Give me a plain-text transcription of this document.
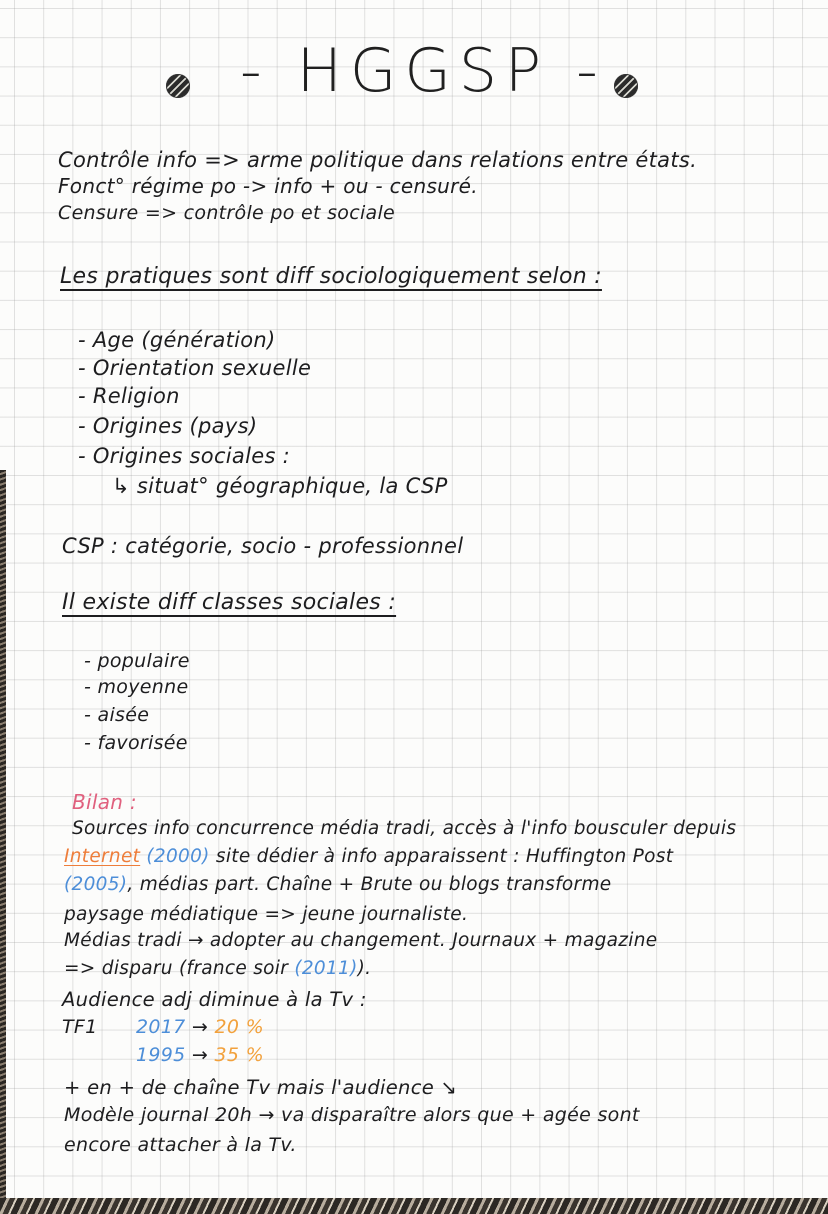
- HGGSP -
Contrôle info => arme politique dans relations entre états.
Fonct° régime po -> info + ou - censuré.
Censure => contrôle po et sociale
Les pratiques sont diff sociologiquement selon :
- Age (génération)
- Orientation sexuelle
- Religion
- Origines (pays)
- Origines sociales :
↳ situat° géographique, la CSP
CSP : catégorie, socio - professionnel
Il existe diff classes sociales :
- populaire
- moyenne
- aisée
- favorisée
Bilan :
Sources info concurrence média tradi, accès à l'info bousculer depuis
Internet (2000) site dédier à info apparaissent : Huffington Post
(2005), médias part. Chaîne + Brute ou blogs transforme
paysage médiatique => jeune journaliste.
Médias tradi → adopter au changement. Journaux + magazine
=> disparu (france soir (2011)).
Audience adj diminue à la Tv :
TF1 2017 → 20 %
1995 → 35 %
+ en + de chaîne Tv mais l'audience ↘
Modèle journal 20h → va disparaître alors que + agée sont
encore attacher à la Tv.
